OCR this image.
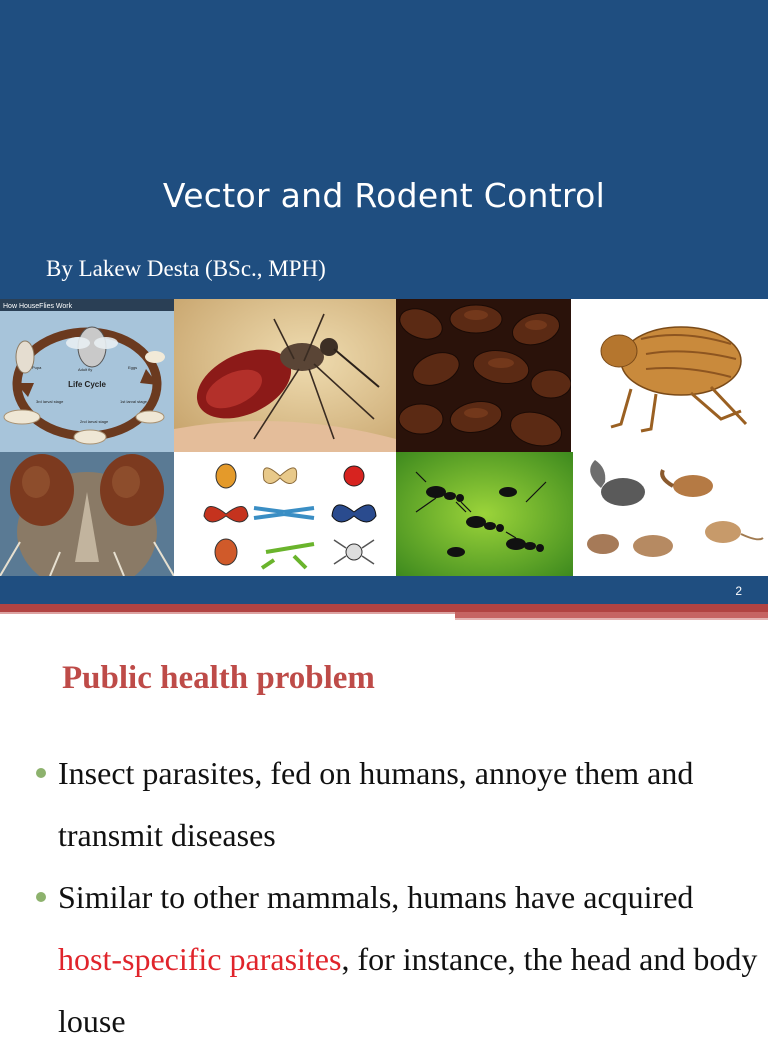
Vector and Rodent Control
By Lakew Desta (BSc., MPH)
How HouseFlies Work
Life Cycle
Pupa	Adult fly	Eggs
1st larval stage
2nd larval stage
3rd larval stage
2
Public health problem
Insect parasites, fed on humans, annoye them and transmit diseases
Similar to other mammals, humans have acquired host-specific parasites, for instance, the head and body louse
